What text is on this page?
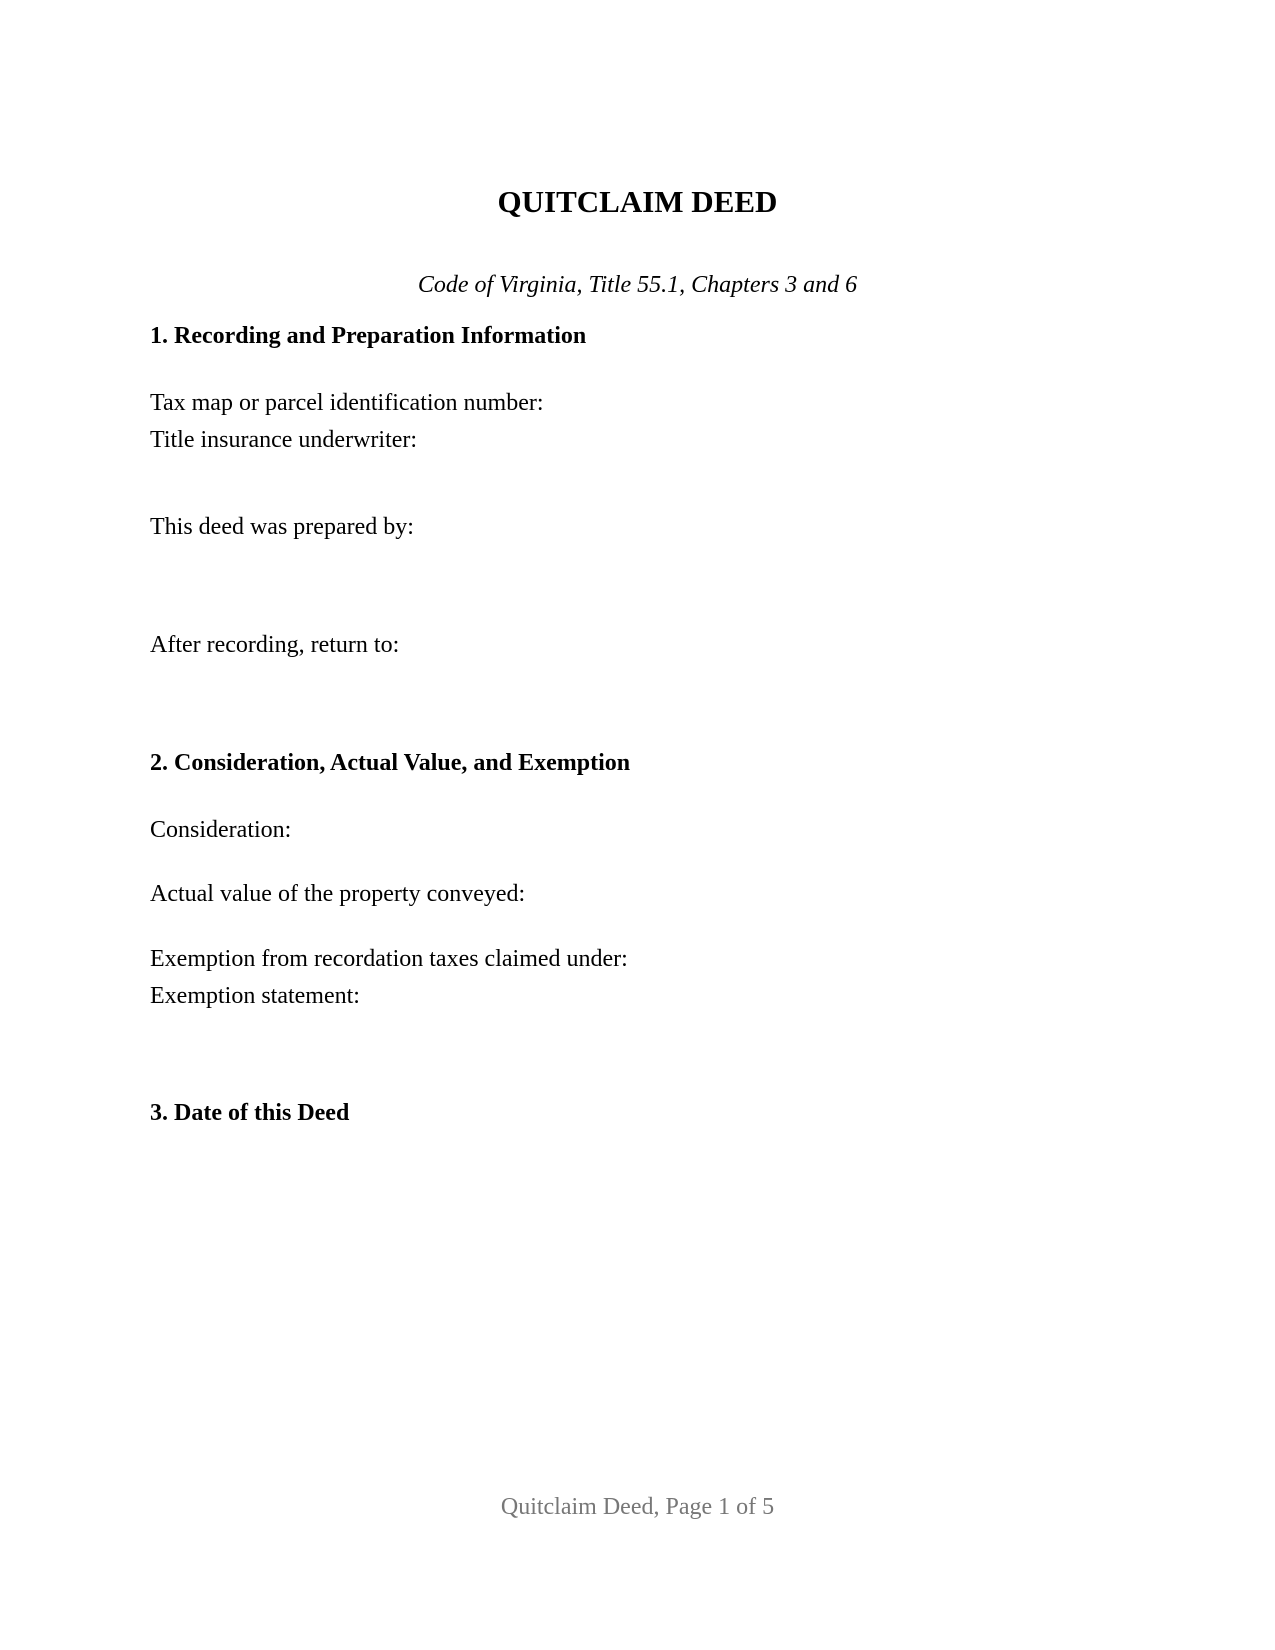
QUITCLAIM DEED
Code of Virginia, Title 55.1, Chapters 3 and 6
1. Recording and Preparation Information
Tax map or parcel identification number:
Title insurance underwriter:
This deed was prepared by:
After recording, return to:
2. Consideration, Actual Value, and Exemption
Consideration:
Actual value of the property conveyed:
Exemption from recordation taxes claimed under:
Exemption statement:
3. Date of this Deed
Quitclaim Deed, Page 1 of 5
